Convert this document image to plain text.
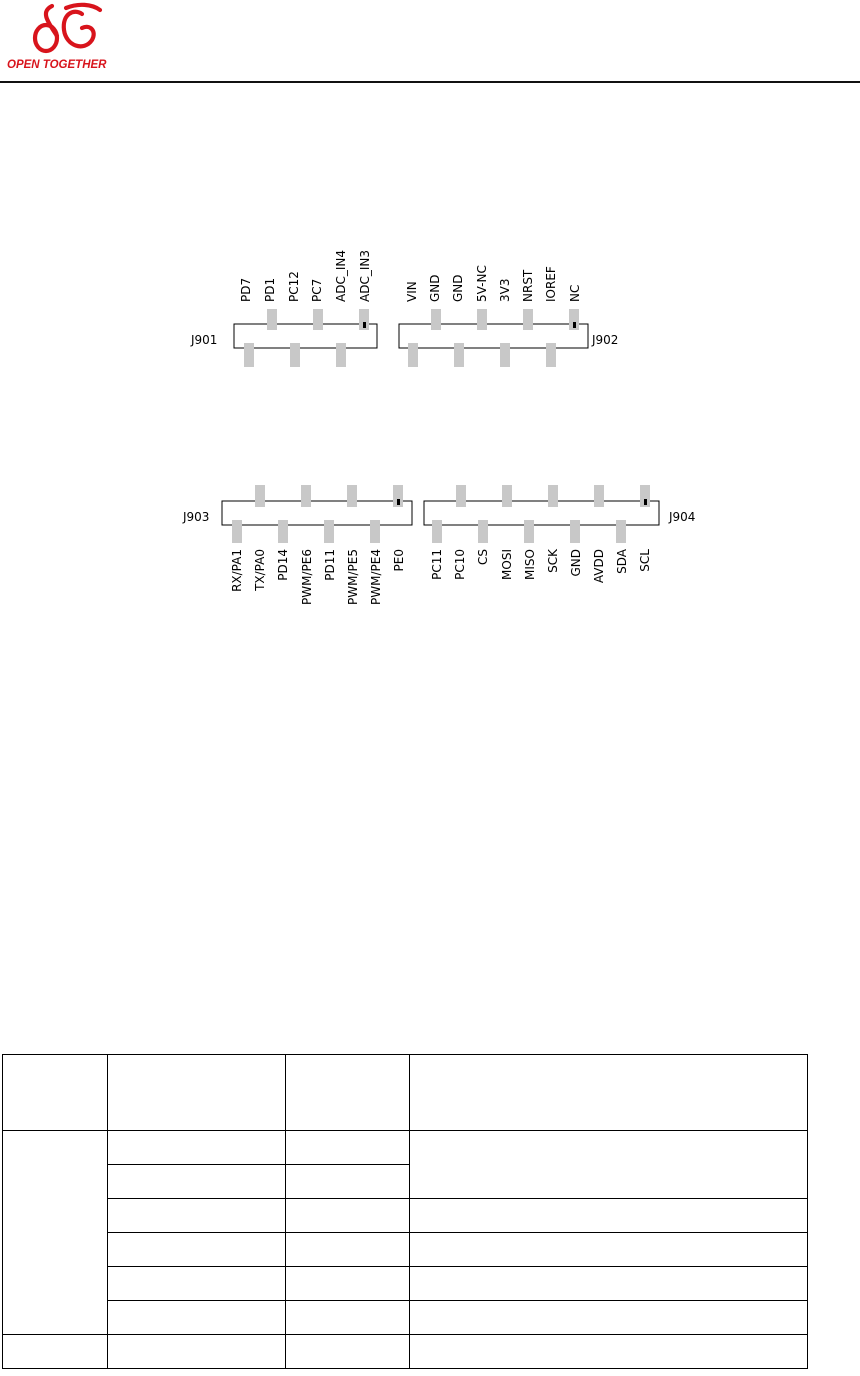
OPEN TOGETHER
J901
PD7 PD1 PC12 PC7 ADC_IN4 ADC_IN3
J902
VIN GND GND 5V-NC 3V3 NRST IOREF NC
J903
RX/PA1 TX/PA0 PD14 PWM/PE6 PD11 PWM/PE5 PWM/PE4 PE0
J904
PC11 PC10 CS MOSI MISO SCK GND AVDD SDA SCL
